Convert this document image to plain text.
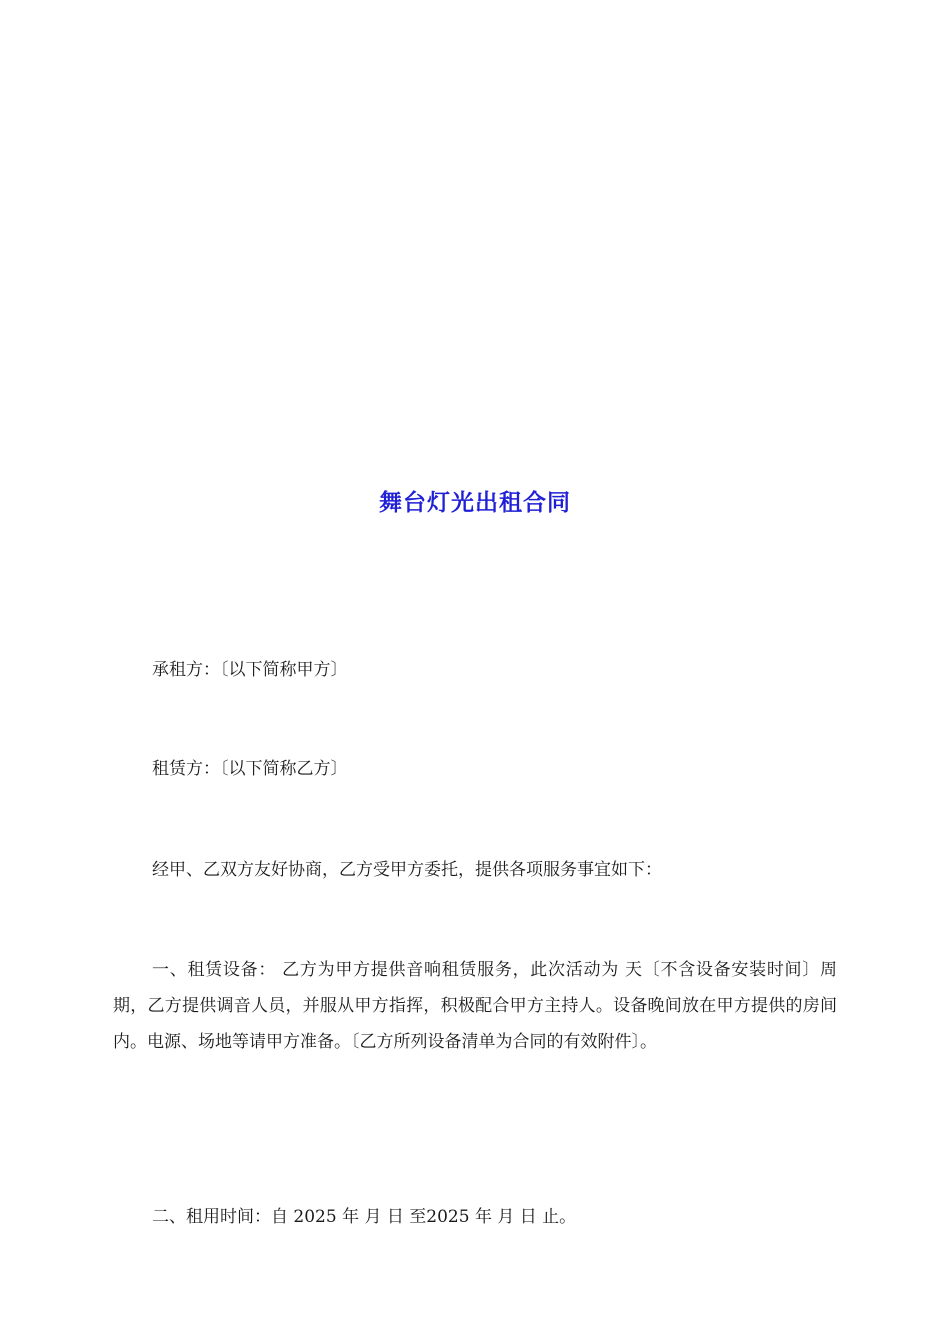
舞台灯光出租合同

承租方：〔以下简称甲方〕

租赁方：〔以下简称乙方〕

经甲、乙双方友好协商，乙方受甲方委托，提供各项服务事宜如下：

一、租赁设备： 乙方为甲方提供音响租赁服务，此次活动为 天〔不含设备安装时间〕周期，乙方提供调音人员，并服从甲方指挥，积极配合甲方主持人。设备晚间放在甲方提供的房间内。电源、场地等请甲方准备。〔乙方所列设备清单为合同的有效附件〕。

二、租用时间：自 2025 年 月 日 至2025 年 月 日 止。
